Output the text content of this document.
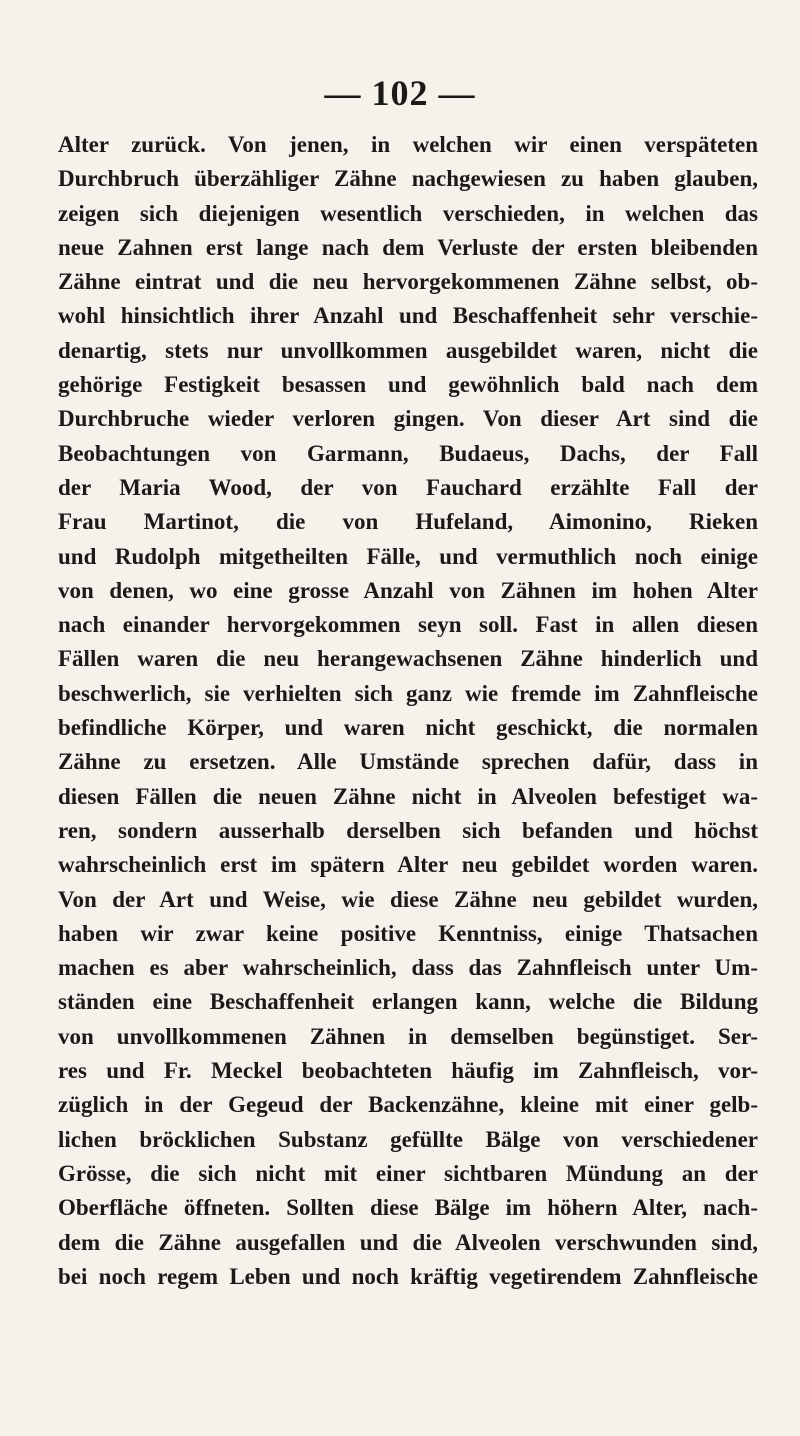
— 102 —
Alter zurück. Von jenen, in welchen wir einen verspäteten
Durchbruch überzähliger Zähne nachgewiesen zu haben glauben,
zeigen sich diejenigen wesentlich verschieden, in welchen das
neue Zahnen erst lange nach dem Verluste der ersten bleibenden
Zähne eintrat und die neu hervorgekommenen Zähne selbst, ob-
wohl hinsichtlich ihrer Anzahl und Beschaffenheit sehr verschie-
denartig, stets nur unvollkommen ausgebildet waren, nicht die
gehörige Festigkeit besassen und gewöhnlich bald nach dem
Durchbruche wieder verloren gingen. Von dieser Art sind die
Beobachtungen von Garmann, Budaeus, Dachs, der Fall
der Maria Wood, der von Fauchard erzählte Fall der
Frau Martinot, die von Hufeland, Aimonino, Rieken
und Rudolph mitgetheilten Fälle, und vermuthlich noch einige
von denen, wo eine grosse Anzahl von Zähnen im hohen Alter
nach einander hervorgekommen seyn soll. Fast in allen diesen
Fällen waren die neu herangewachsenen Zähne hinderlich und
beschwerlich, sie verhielten sich ganz wie fremde im Zahnfleische
befindliche Körper, und waren nicht geschickt, die normalen
Zähne zu ersetzen. Alle Umstände sprechen dafür, dass in
diesen Fällen die neuen Zähne nicht in Alveolen befestiget wa-
ren, sondern ausserhalb derselben sich befanden und höchst
wahrscheinlich erst im spätern Alter neu gebildet worden waren.
Von der Art und Weise, wie diese Zähne neu gebildet wurden,
haben wir zwar keine positive Kenntniss, einige Thatsachen
machen es aber wahrscheinlich, dass das Zahnfleisch unter Um-
ständen eine Beschaffenheit erlangen kann, welche die Bildung
von unvollkommenen Zähnen in demselben begünstiget. Ser-
res und Fr. Meckel beobachteten häufig im Zahnfleisch, vor-
züglich in der Gegeud der Backenzähne, kleine mit einer gelb-
lichen bröcklichen Substanz gefüllte Bälge von verschiedener
Grösse, die sich nicht mit einer sichtbaren Mündung an der
Oberfläche öffneten. Sollten diese Bälge im höhern Alter, nach-
dem die Zähne ausgefallen und die Alveolen verschwunden sind,
bei noch regem Leben und noch kräftig vegetirendem Zahnfleische
